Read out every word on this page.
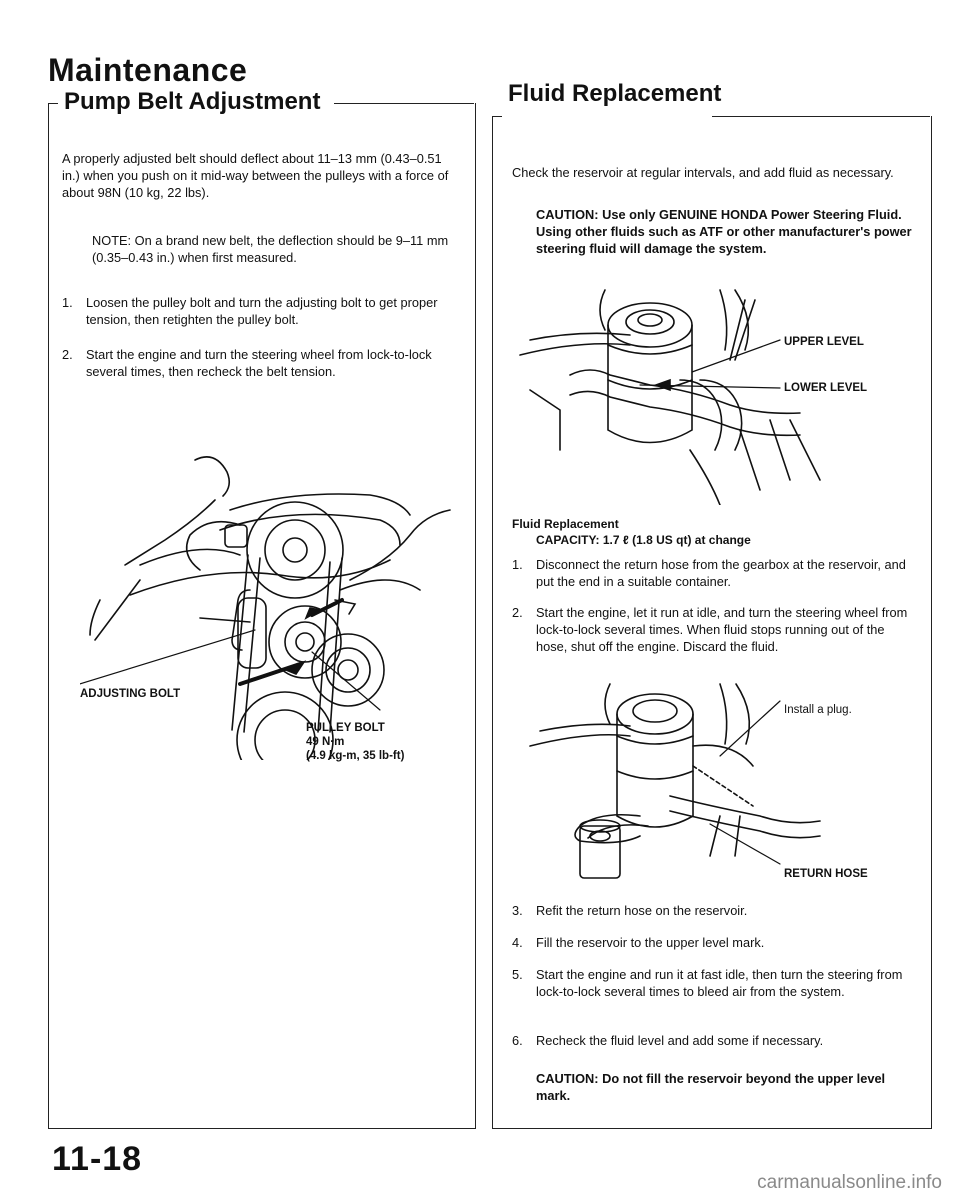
Maintenance
Pump Belt Adjustment
A properly adjusted belt should deflect about 11–13 mm (0.43–0.51 in.) when you push on it mid-way between the pulleys with a force of about 98N (10 kg, 22 lbs).
NOTE: On a brand new belt, the deflection should be 9–11 mm (0.35–0.43 in.) when first measured.
1.	Loosen the pulley bolt and turn the adjusting bolt to get proper tension, then retighten the pulley bolt.
2.	Start the engine and turn the steering wheel from lock-to-lock several times, then recheck the belt tension.
ADJUSTING BOLT
PULLEY BOLT
49 N·m
(4.9 kg-m, 35 lb-ft)
Fluid Replacement
Check the reservoir at regular intervals, and add fluid as necessary.
CAUTION: Use only GENUINE HONDA Power Steering Fluid. Using other fluids such as ATF or other manufacturer's power steering fluid will damage the system.
UPPER LEVEL
LOWER LEVEL
Fluid Replacement
CAPACITY: 1.7 ℓ (1.8 US qt) at change
1.	Disconnect the return hose from the gearbox at the reservoir, and put the end in a suitable container.
2.	Start the engine, let it run at idle, and turn the steering wheel from lock-to-lock several times. When fluid stops running out of the hose, shut off the engine. Discard the fluid.
Install a plug.
RETURN HOSE
3.	Refit the return hose on the reservoir.
4.	Fill the reservoir to the upper level mark.
5.	Start the engine and run it at fast idle, then turn the steering from lock-to-lock several times to bleed air from the system.
6.	Recheck the fluid level and add some if necessary.
CAUTION: Do not fill the reservoir beyond the upper level mark.
11-18
carmanualsonline.info
